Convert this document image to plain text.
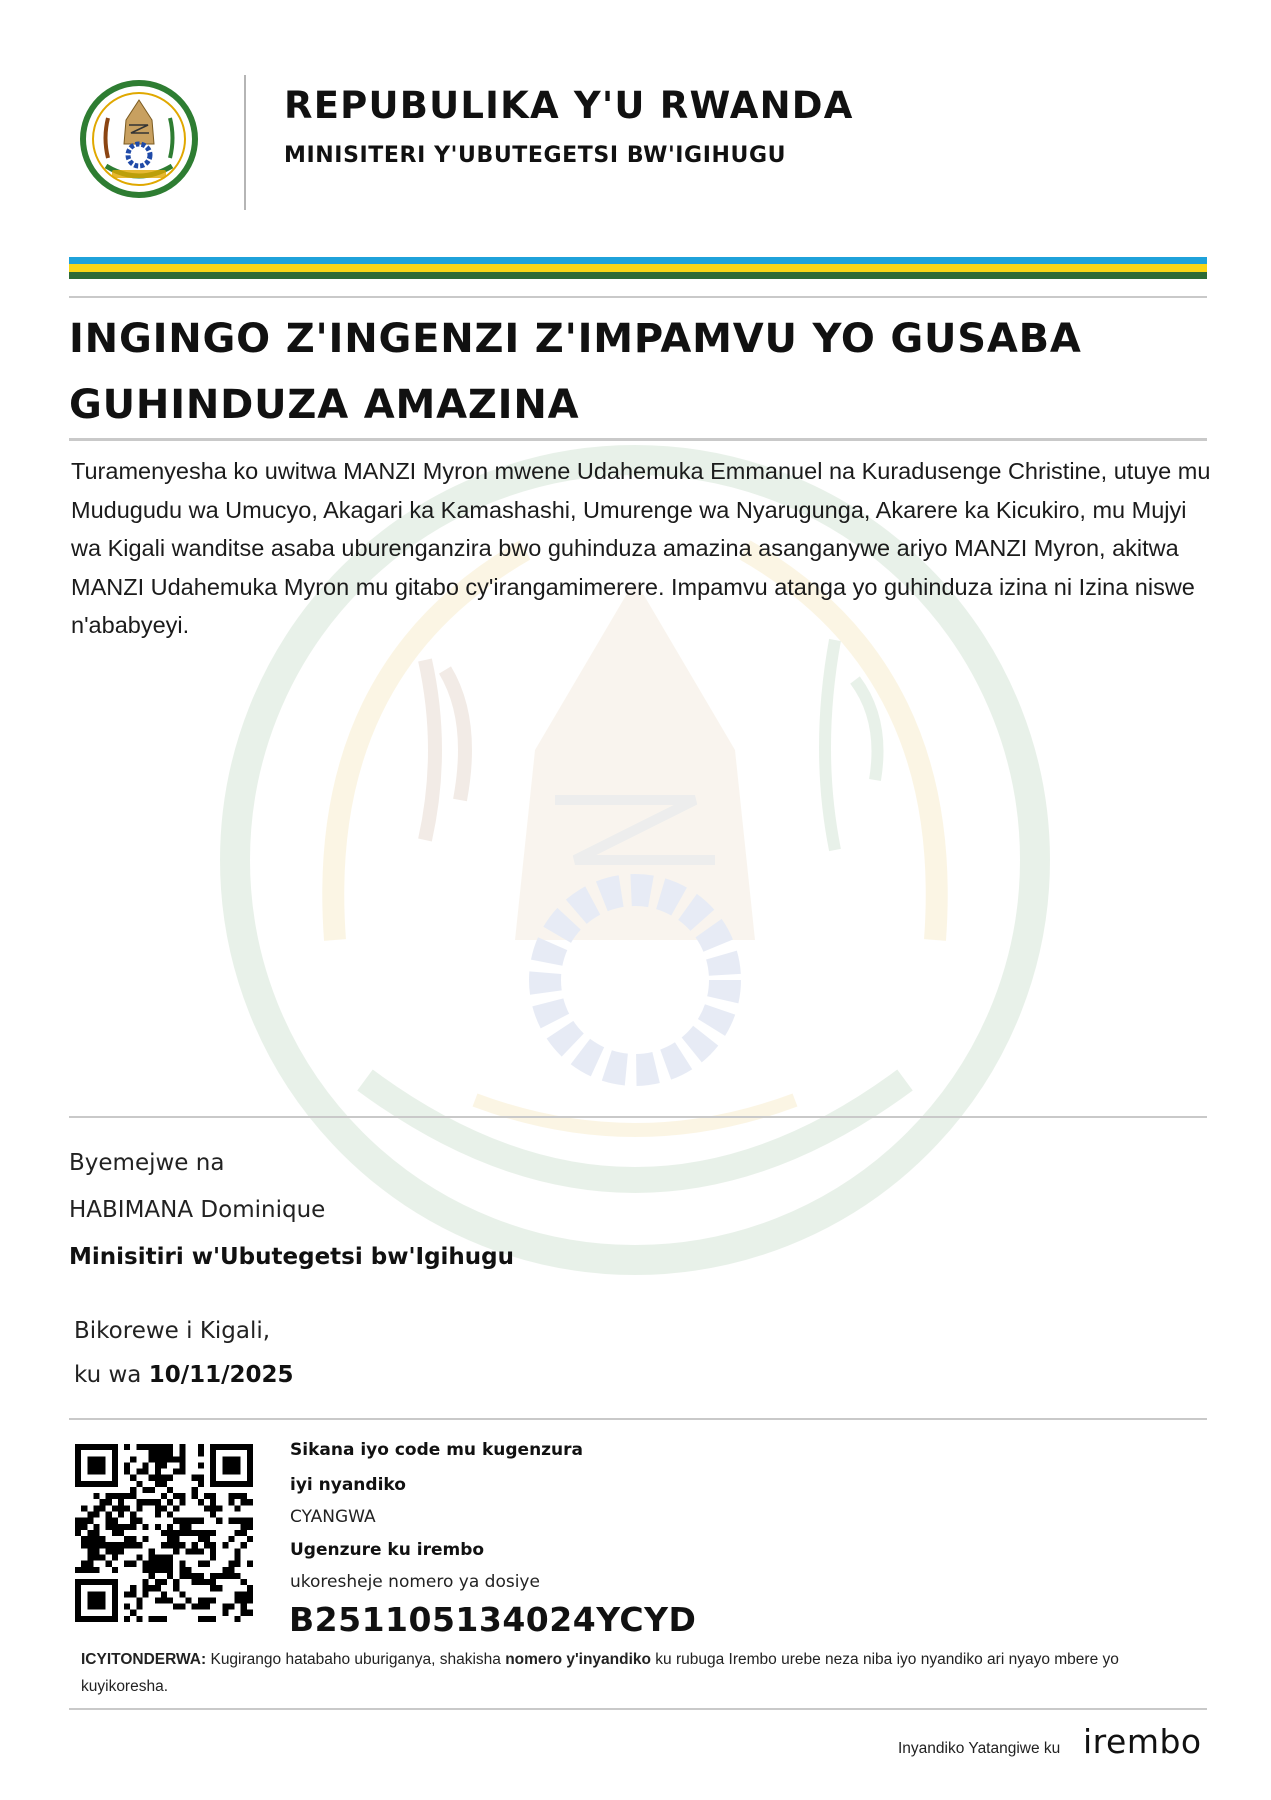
REPUBULIKA Y'U RWANDA
MINISITERI Y'UBUTEGETSI BW'IGIHUGU
INGINGO Z'INGENZI Z'IMPAMVU YO GUSABA
GUHINDUZA AMAZINA
Turamenyesha ko uwitwa MANZI Myron mwene Udahemuka Emmanuel na Kuradusenge Christine, utuye mu Mudugudu wa Umucyo, Akagari ka Kamashashi, Umurenge wa Nyarugunga, Akarere ka Kicukiro, mu Mujyi wa Kigali wanditse asaba uburenganzira bwo guhinduza amazina asanganywe ariyo MANZI Myron, akitwa MANZI Udahemuka Myron mu gitabo cy'irangamimerere. Impamvu atanga yo guhinduza izina ni Izina niswe n'ababyeyi.
Byemejwe na
HABIMANA Dominique
Minisitiri w'Ubutegetsi bw'Igihugu
Bikorewe i Kigali,
ku wa 10/11/2025
Sikana iyo code mu kugenzura
iyi nyandiko
CYANGWA
Ugenzure ku irembo
ukoresheje nomero ya dosiye
B251105134024YCYD
ICYITONDERWA: Kugirango hatabaho uburiganya, shakisha nomero y'inyandiko ku rubuga Irembo urebe neza niba iyo nyandiko ari nyayo mbere yo kuyikoresha.
Inyandiko Yatangiwe ku irembo
